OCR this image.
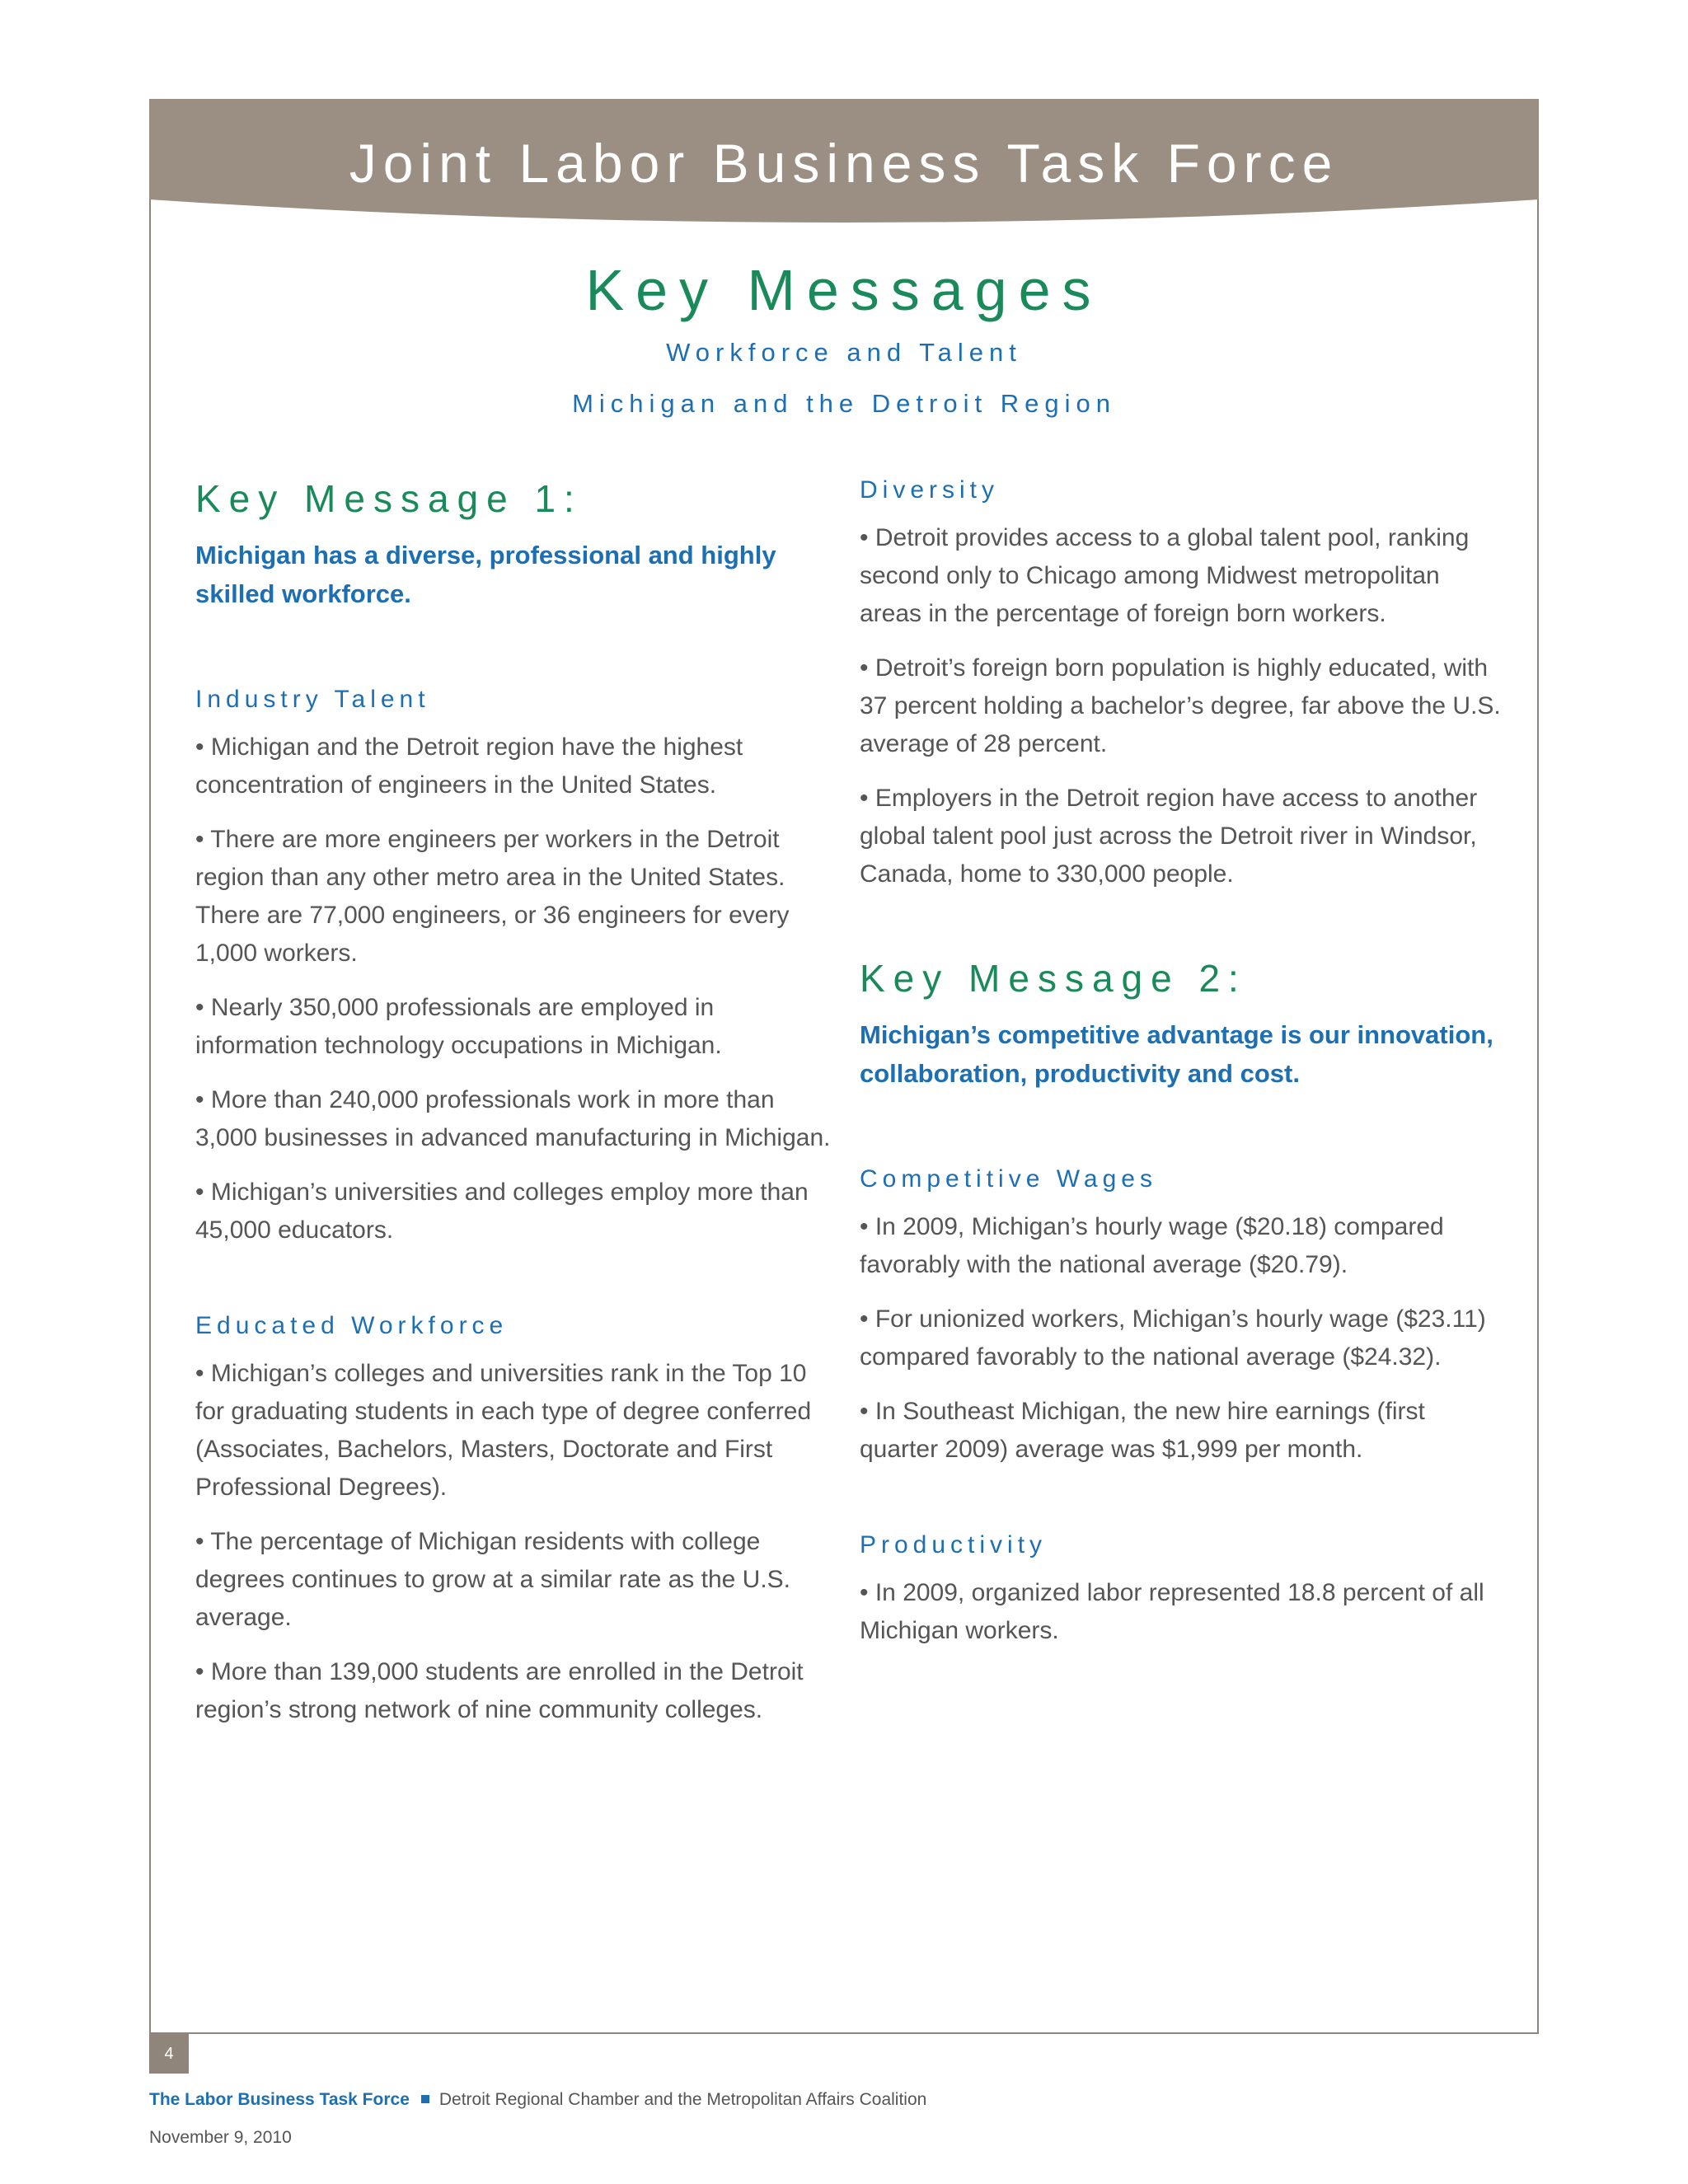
Joint Labor Business Task Force
Key Messages
Workforce and Talent
Michigan and the Detroit Region
Key Message 1:

Michigan has a diverse, professional and highly skilled workforce.

Industry Talent

• Michigan and the Detroit region have the highest concentration of engineers in the United States.

• There are more engineers per workers in the Detroit region than any other metro area in the United States. There are 77,000 engineers, or 36 engineers for every 1,000 workers.

• Nearly 350,000 professionals are employed in information technology occupations in Michigan.

• More than 240,000 professionals work in more than 3,000 businesses in advanced manufacturing in Michigan.

• Michigan’s universities and colleges employ more than 45,000 educators.

Educated Workforce

• Michigan’s colleges and universities rank in the Top 10 for graduating students in each type of degree conferred (Associates, Bachelors, Masters, Doctorate and First Professional Degrees).

• The percentage of Michigan residents with college degrees continues to grow at a similar rate as the U.S. average.

• More than 139,000 students are enrolled in the Detroit region’s strong network of nine community colleges.

Diversity

• Detroit provides access to a global talent pool, ranking second only to Chicago among Midwest metropolitan areas in the percentage of foreign born workers.

• Detroit’s foreign born population is highly educated, with 37 percent holding a bachelor’s degree, far above the U.S. average of 28 percent.

• Employers in the Detroit region have access to another global talent pool just across the Detroit river in Windsor, Canada, home to 330,000 people.

Key Message 2:

Michigan’s competitive advantage is our innovation, collaboration, productivity and cost.

Competitive Wages

• In 2009, Michigan’s hourly wage ($20.18) compared favorably with the national average ($20.79).

• For unionized workers, Michigan’s hourly wage ($23.11) compared favorably to the national average ($24.32).

• In Southeast Michigan, the new hire earnings (first quarter 2009) average was $1,999 per month.

Productivity

• In 2009, organized labor represented 18.8 percent of all Michigan workers.

4

The Labor Business Task Force Detroit Regional Chamber and the Metropolitan Affairs Coalition

November 9, 2010
